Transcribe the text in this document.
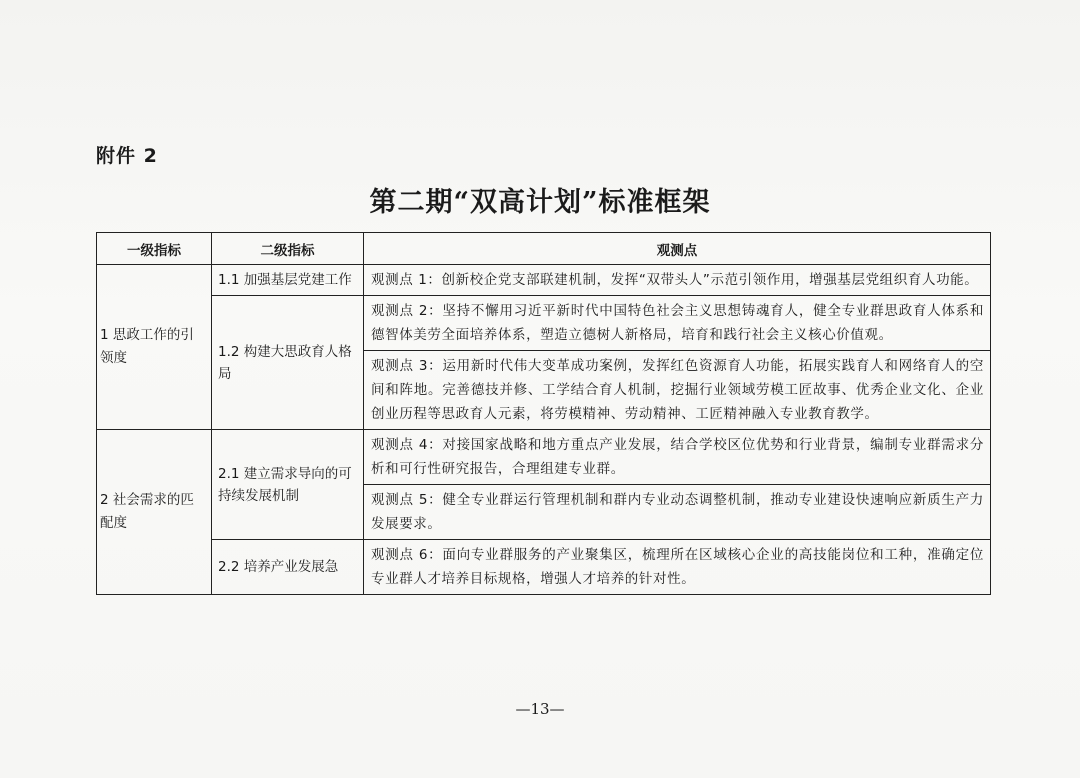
附件 2
第二期“双高计划”标准框架
一级指标	二级指标	观测点
1 思政工作的引领度	1.1 加强基层党建工作	观测点 1：创新校企党支部联建机制，发挥“双带头人”示范引领作用，增强基层党组织育人功能。
	1.2 构建大思政育人格局	观测点 2：坚持不懈用习近平新时代中国特色社会主义思想铸魂育人，健全专业群思政育人体系和德智体美劳全面培养体系，塑造立德树人新格局，培育和践行社会主义核心价值观。
		观测点 3：运用新时代伟大变革成功案例，发挥红色资源育人功能，拓展实践育人和网络育人的空间和阵地。完善德技并修、工学结合育人机制，挖掘行业领域劳模工匠故事、优秀企业文化、企业创业历程等思政育人元素，将劳模精神、劳动精神、工匠精神融入专业教育教学。
2 社会需求的匹配度	2.1 建立需求导向的可持续发展机制	观测点 4：对接国家战略和地方重点产业发展，结合学校区位优势和行业背景，编制专业群需求分析和可行性研究报告，合理组建专业群。
		观测点 5：健全专业群运行管理机制和群内专业动态调整机制，推动专业建设快速响应新质生产力发展要求。
	2.2 培养产业发展急	观测点 6：面向专业群服务的产业聚集区，梳理所在区域核心企业的高技能岗位和工种，准确定位专业群人才培养目标规格，增强人才培养的针对性。
—13—
